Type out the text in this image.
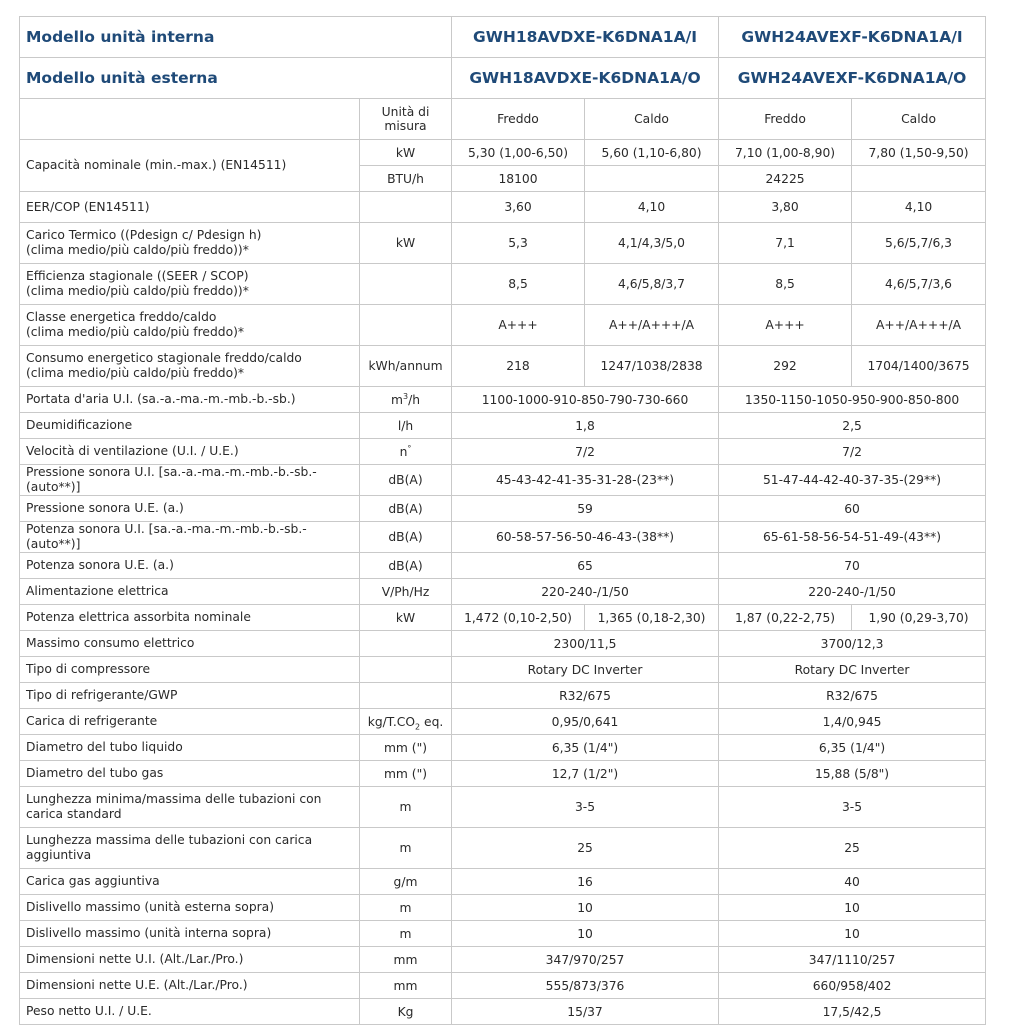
Modello unità interna		GWH18AVDXE-K6DNA1A/I		GWH24AVEXF-K6DNA1A/I	
Modello unità esterna		GWH18AVDXE-K6DNA1A/O		GWH24AVEXF-K6DNA1A/O	
	Unità di misura	Freddo	Caldo	Freddo	Caldo
Capacità nominale (min.-max.) (EN14511)	kW	5,30 (1,00-6,50)	5,60 (1,10-6,80)	7,10 (1,00-8,90)	7,80 (1,50-9,50)
	BTU/h	18100		24225	
EER/COP (EN14511)		3,60	4,10	3,80	4,10
Carico Termico ((Pdesign c/ Pdesign h)
(clima medio/più caldo/più freddo))*	kW	5,3	4,1/4,3/5,0	7,1	5,6/5,7/6,3
Efficienza stagionale ((SEER / SCOP)
(clima medio/più caldo/più freddo))*		8,5	4,6/5,8/3,7	8,5	4,6/5,7/3,6
Classe energetica freddo/caldo
(clima medio/più caldo/più freddo)*		A+++	A++/A+++/A	A+++	A++/A+++/A
Consumo energetico stagionale freddo/caldo
(clima medio/più caldo/più freddo)*	kWh/annum	218	1247/1038/2838	292	1704/1400/3675
Portata d'aria U.I. (sa.-a.-ma.-m.-mb.-b.-sb.)	$m^3/h$	1100-1000-910-850-790-730-660		1350-1150-1050-950-900-850-800	
Deumidificazione	l/h	1,8		2,5	
Velocità di ventilazione (U.I. / U.E.)	n°	7/2		7/2	
Pressione sonora U.I. [sa.-a.-ma.-m.-mb.-b.-sb.-(auto**)]	dB(A)	45-43-42-41-35-31-28-(23**)		51-47-44-42-40-37-35-(29**)	
Pressione sonora U.E. (a.)	dB(A)	59		60	
Potenza sonora U.I. [sa.-a.-ma.-m.-mb.-b.-sb.-(auto**)]	dB(A)	60-58-57-56-50-46-43-(38**)		65-61-58-56-54-51-49-(43**)	
Potenza sonora U.E. (a.)	dB(A)	65		70	
Alimentazione elettrica	V/Ph/Hz	220-240-/1/50		220-240-/1/50	
Potenza elettrica assorbita nominale	kW	1,472 (0,10-2,50)	1,365 (0,18-2,30)	1,87 (0,22-2,75)	1,90 (0,29-3,70)
Massimo consumo elettrico		2300/11,5		3700/12,3	
Tipo di compressore		Rotary DC Inverter		Rotary DC Inverter	
Tipo di refrigerante/GWP		R32/675		R32/675	
Carica di refrigerante	$kg/T.CO_2$ eq.	0,95/0,641		1,4/0,945	
Diametro del tubo liquido	mm (")	6,35 (1/4")		6,35 (1/4")	
Diametro del tubo gas	mm (")	12,7 (1/2")		15,88 (5/8")	
Lunghezza minima/massima delle tubazioni con
carica standard	m	3-5		3-5	
Lunghezza massima delle tubazioni con carica
aggiuntiva	m	25		25	
Carica gas aggiuntiva	g/m	16		40	
Dislivello massimo (unità esterna sopra)	m	10		10	
Dislivello massimo (unità interna sopra)	m	10		10	
Dimensioni nette U.I. (Alt./Lar./Pro.)	mm	347/970/257		347/1110/257	
Dimensioni nette U.E. (Alt./Lar./Pro.)	mm	555/873/376		660/958/402	
Peso netto U.I. / U.E.	Kg	15/37		17,5/42,5	
